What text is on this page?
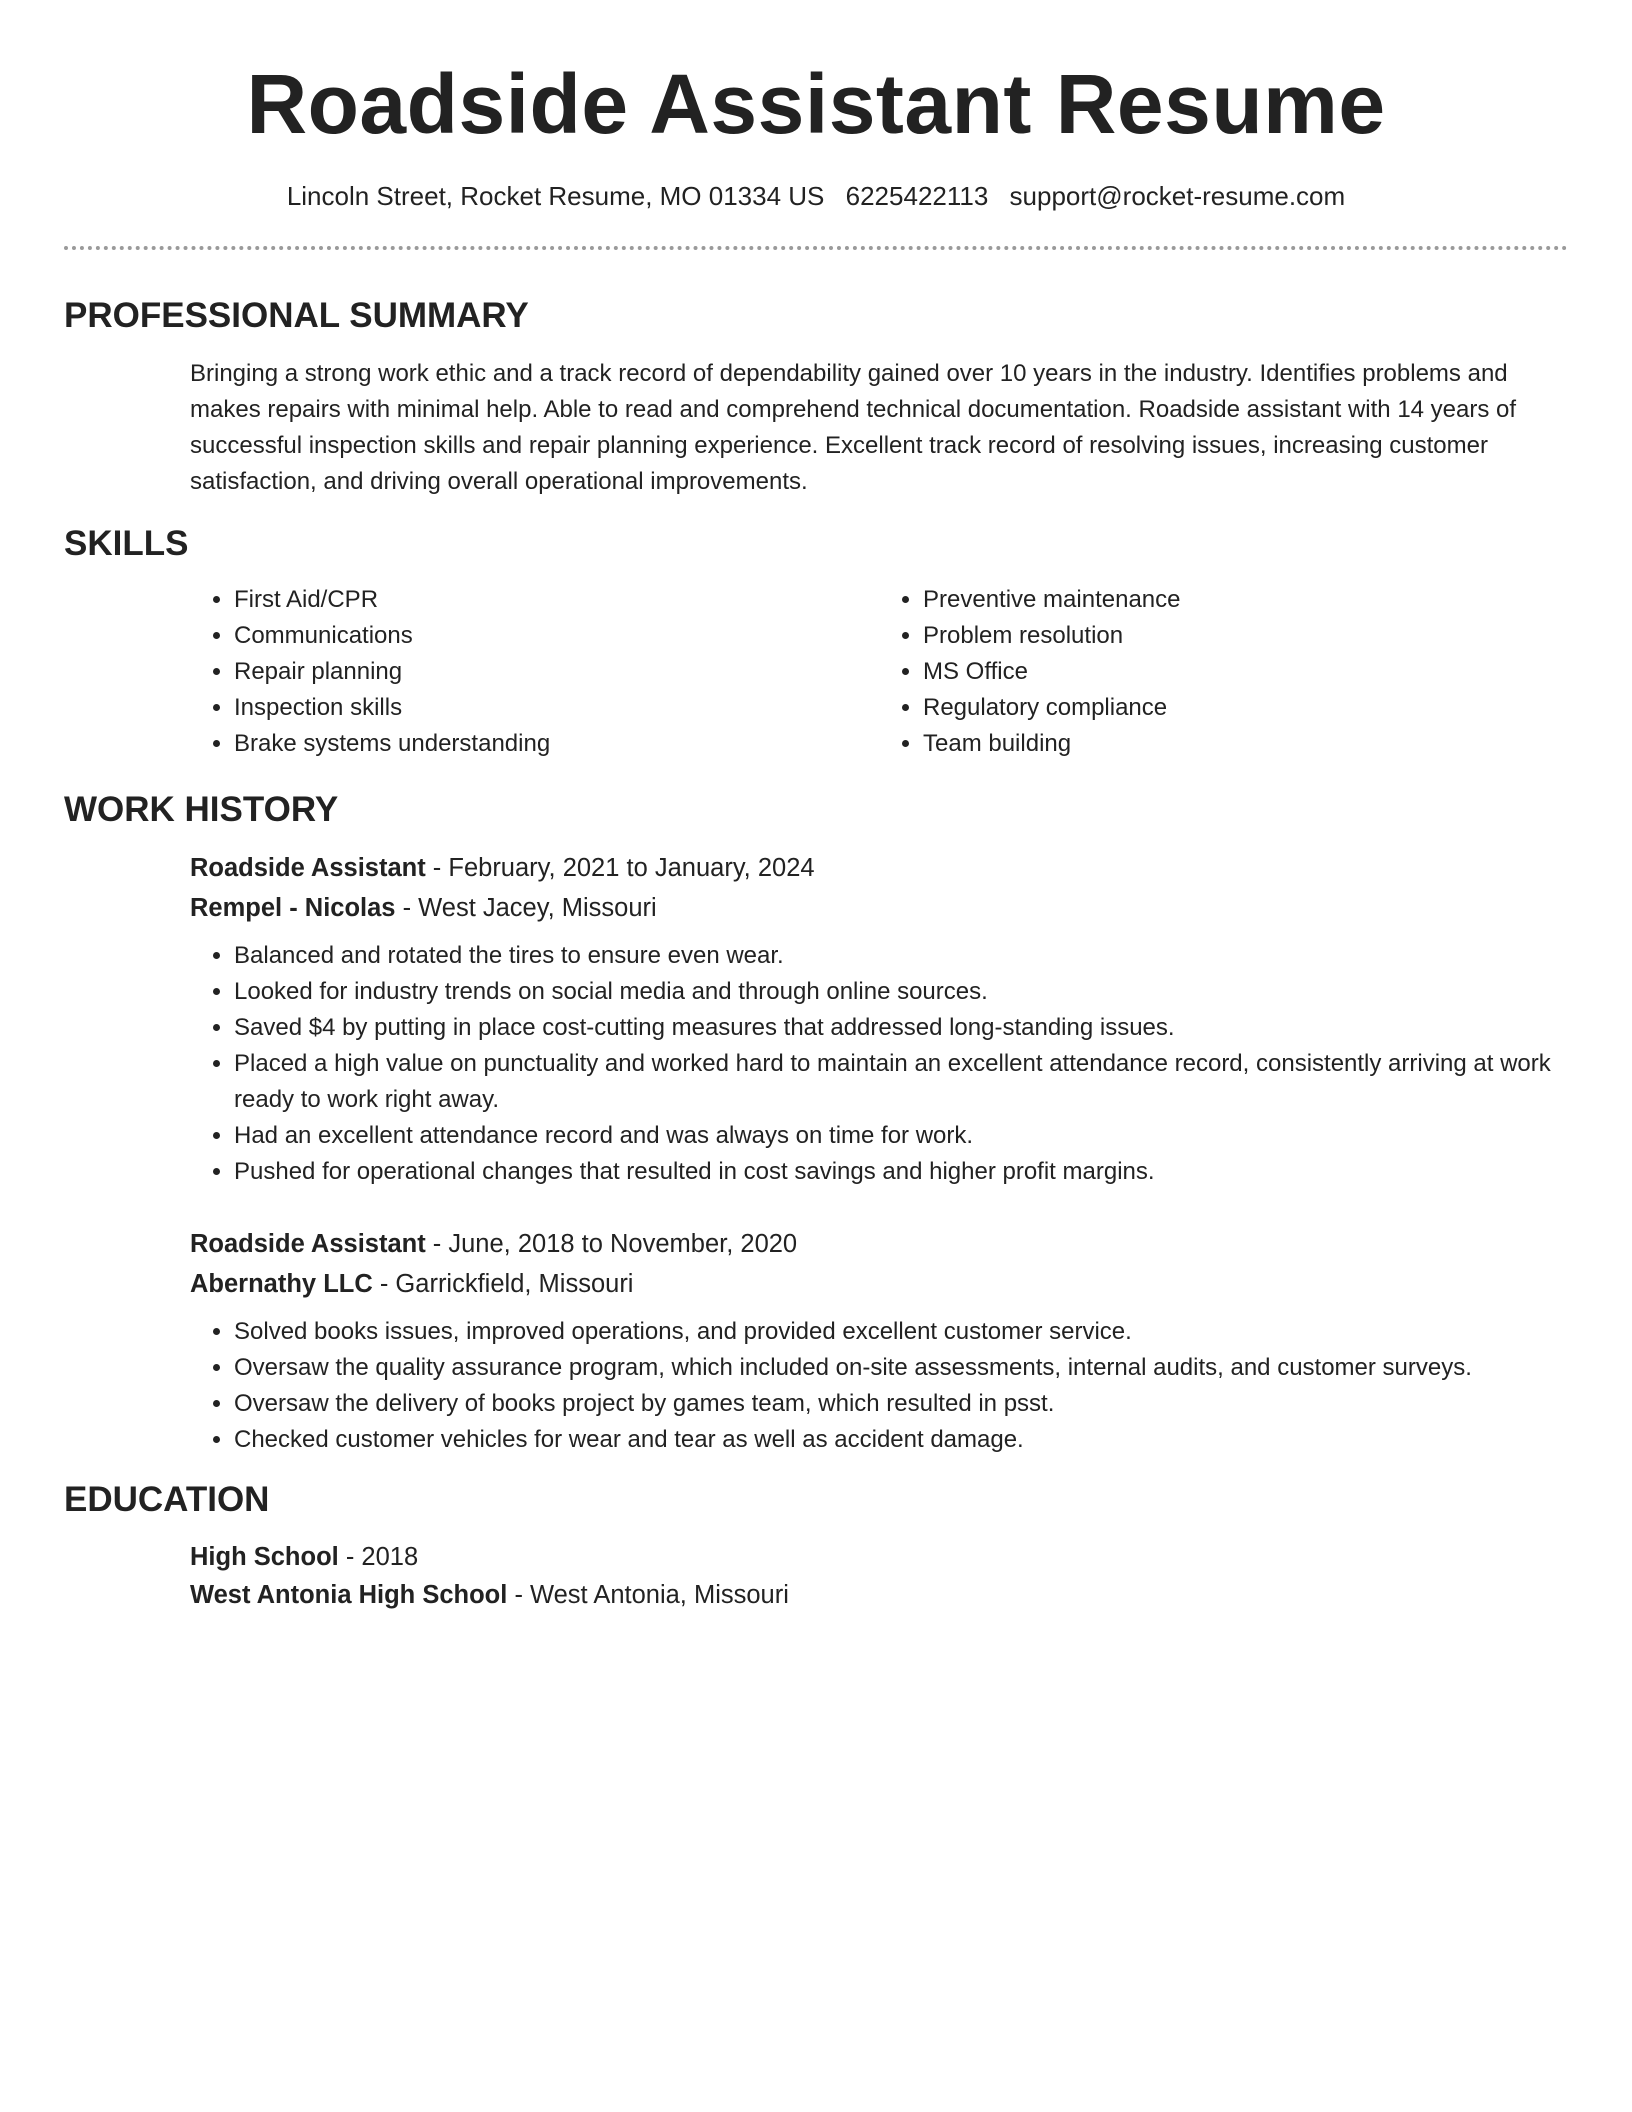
Roadside Assistant Resume
Lincoln Street, Rocket Resume, MO 01334 US 6225422113 support@rocket-resume.com
PROFESSIONAL SUMMARY

Bringing a strong work ethic and a track record of dependability gained over 10 years in the industry. Identifies problems and makes repairs with minimal help. Able to read and comprehend technical documentation. Roadside assistant with 14 years of successful inspection skills and repair planning experience. Excellent track record of resolving issues, increasing customer satisfaction, and driving overall operational improvements.

SKILLS
• First Aid/CPR
• Communications
• Repair planning
• Inspection skills
• Brake systems understanding
• Preventive maintenance
• Problem resolution
• MS Office
• Regulatory compliance
• Team building
WORK HISTORY
Roadside Assistant - February, 2021 to January, 2024
Rempel - Nicolas - West Jacey, Missouri
• Balanced and rotated the tires to ensure even wear.
• Looked for industry trends on social media and through online sources.
• Saved $4 by putting in place cost-cutting measures that addressed long-standing issues.
• Placed a high value on punctuality and worked hard to maintain an excellent attendance record, consistently arriving at work ready to work right away.
• Had an excellent attendance record and was always on time for work.
• Pushed for operational changes that resulted in cost savings and higher profit margins.
Roadside Assistant - June, 2018 to November, 2020
Abernathy LLC - Garrickfield, Missouri
• Solved books issues, improved operations, and provided excellent customer service.
• Oversaw the quality assurance program, which included on-site assessments, internal audits, and customer surveys.
• Oversaw the delivery of books project by games team, which resulted in psst.
• Checked customer vehicles for wear and tear as well as accident damage.
EDUCATION
High School - 2018
West Antonia High School - West Antonia, Missouri
